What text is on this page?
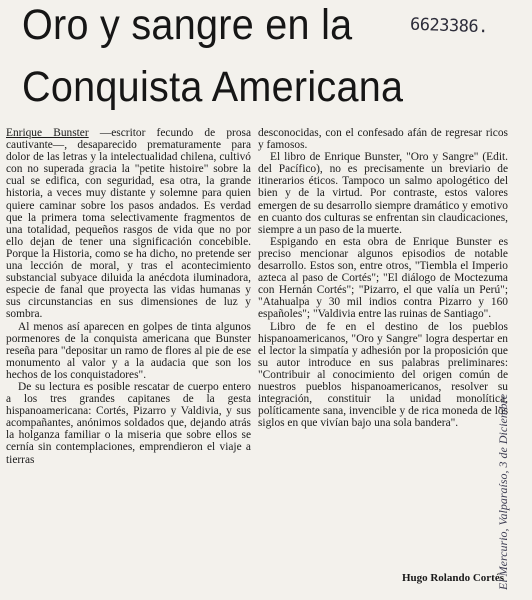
Oro y sangre en la
Conquista Americana
6623386.

Enrique Bunster —escritor fecundo de prosa cautivante—, desaparecido prematuramente para dolor de las letras y la intelectualidad chilena, cultivó con no superada gracia la "petite histoire" sobre la cual se edifica, con seguridad, esa otra, la grande historia, a veces muy distante y solemne para quien quiere caminar sobre los pasos andados. Es verdad que la primera toma selectivamente fragmentos de una totalidad, pequeños rasgos de vida que no por ello dejan de tener una significación concebible. Porque la Historia, como se ha dicho, no pretende ser una lección de moral, y tras el acontecimiento substancial subyace diluida la anécdota iluminadora, especie de fanal que proyecta las vidas humanas y sus circunstancias en sus dimensiones de luz y sombra.

Al menos así aparecen en golpes de tinta algunos pormenores de la conquista americana que Bunster reseña para "depositar un ramo de flores al pie de ese monumento al valor y a la audacia que son los hechos de los conquistadores".

De su lectura es posible rescatar de cuerpo entero a los tres grandes capitanes de la gesta hispanoamericana: Cortés, Pizarro y Valdivia, y sus acompañantes, anónimos soldados que, dejando atrás la holganza familiar o la miseria que sobre ellos se cernía sin contemplaciones, emprendieron el viaje a tierras

desconocidas, con el confesado afán de regresar ricos y famosos.

El libro de Enrique Bunster, "Oro y Sangre" (Edit. del Pacífico), no es precisamente un breviario de itinerarios éticos. Tampoco un salmo apologético del bien y de la virtud. Por contraste, estos valores emergen de su desarrollo siempre dramático y emotivo en cuanto dos culturas se enfrentan sin claudicaciones, siempre a un paso de la muerte.

Espigando en esta obra de Enrique Bunster es preciso mencionar algunos episodios de notable desarrollo. Estos son, entre otros, "Tiembla el Imperio azteca al paso de Cortés"; "El diálogo de Moctezuma con Hernán Cortés"; "Pizarro, el que valía un Perú"; "Atahualpa y 30 mil indios contra Pizarro y 160 españoles"; "Valdivia entre las ruinas de Santiago".

Libro de fe en el destino de los pueblos hispanoamericanos, "Oro y Sangre" logra despertar en el lector la simpatía y adhesión por la proposición que su autor introduce en sus palabras preliminares: "Contribuir al conocimiento del origen común de nuestros pueblos hispanoamericanos, resolver su integración, constituir la unidad monolítica, políticamente sana, invencible y de rica moneda de los siglos en que vivían bajo una sola bandera".

Hugo Rolando Cortés
El Mercurio, Valparaíso, 3 de Diciembre
